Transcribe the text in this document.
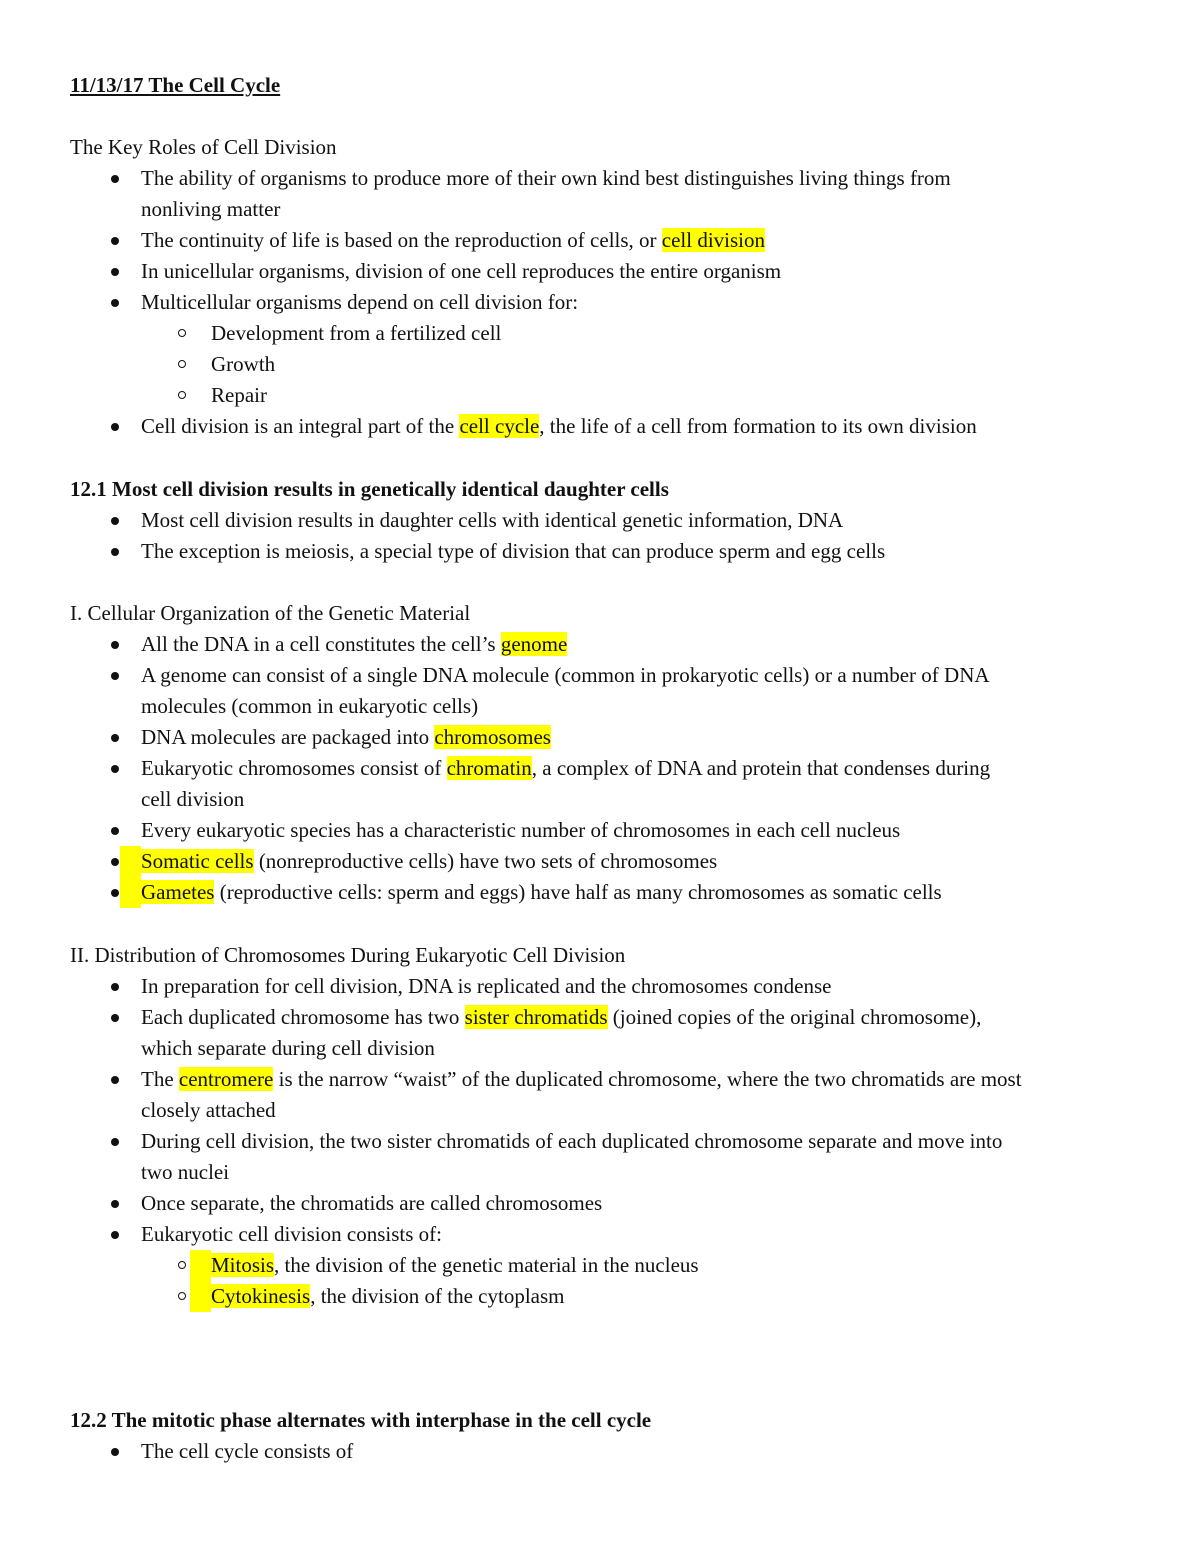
11/13/17 The Cell Cycle
The Key Roles of Cell Division
The ability of organisms to produce more of their own kind best distinguishes living things from
nonliving matter
The continuity of life is based on the reproduction of cells, or cell division
In unicellular organisms, division of one cell reproduces the entire organism
Multicellular organisms depend on cell division for:
Development from a fertilized cell
Growth
Repair
Cell division is an integral part of the cell cycle, the life of a cell from formation to its own division
12.1 Most cell division results in genetically identical daughter cells
Most cell division results in daughter cells with identical genetic information, DNA
The exception is meiosis, a special type of division that can produce sperm and egg cells
I. Cellular Organization of the Genetic Material
All the DNA in a cell constitutes the cell’s genome
A genome can consist of a single DNA molecule (common in prokaryotic cells) or a number of DNA
molecules (common in eukaryotic cells)
DNA molecules are packaged into chromosomes
Eukaryotic chromosomes consist of chromatin, a complex of DNA and protein that condenses during
cell division
Every eukaryotic species has a characteristic number of chromosomes in each cell nucleus
Somatic cells (nonreproductive cells) have two sets of chromosomes
Gametes (reproductive cells: sperm and eggs) have half as many chromosomes as somatic cells
II. Distribution of Chromosomes During Eukaryotic Cell Division
In preparation for cell division, DNA is replicated and the chromosomes condense
Each duplicated chromosome has two sister chromatids (joined copies of the original chromosome),
which separate during cell division
The centromere is the narrow “waist” of the duplicated chromosome, where the two chromatids are most
closely attached
During cell division, the two sister chromatids of each duplicated chromosome separate and move into
two nuclei
Once separate, the chromatids are called chromosomes
Eukaryotic cell division consists of:
Mitosis, the division of the genetic material in the nucleus
Cytokinesis, the division of the cytoplasm
12.2 The mitotic phase alternates with interphase in the cell cycle
The cell cycle consists of
